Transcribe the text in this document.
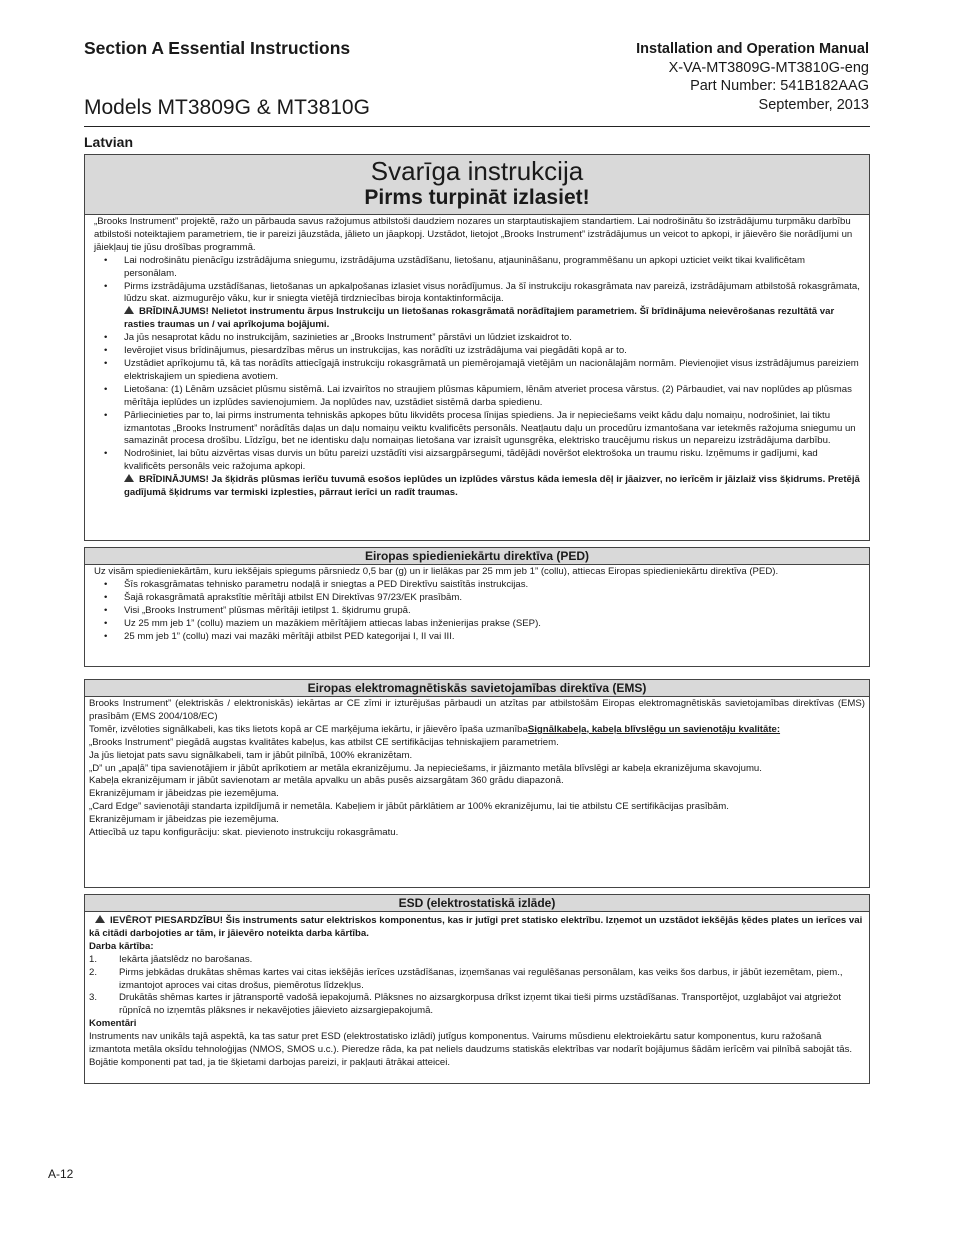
Section A Essential Instructions	Installation and Operation Manual
X-VA-MT3809G-MT3810G-eng
Part Number: 541B182AAG
September, 2013
Models MT3809G & MT3810G
Latvian
Svarīga instrukcija
Pirms turpināt izlasiet!
„Brooks Instrument” projektē, ražo un pārbauda savus ražojumus atbilstoši daudziem nozares un starptautiskajiem standartiem. Lai nodrošinātu šo izstrādājumu turpmāku darbību atbilstoši noteiktajiem parametriem, tie ir pareizi jāuzstāda, jālieto un jāapkopj. Uzstādot, lietojot „Brooks Instrument” izstrādājumus un veicot to apkopi, ir jāievēro šie norādījumi un jāiekļauj tie jūsu drošības programmā.
• Lai nodrošinātu pienācīgu izstrādājuma sniegumu, izstrādājuma uzstādīšanu, lietošanu, atjaunināšanu, programmēšanu un apkopi uzticiet veikt tikai kvalificētam personālam.
• Pirms izstrādājuma uzstādīšanas, lietošanas un apkalpošanas izlasiet visus norādījumus. Ja šī instrukciju rokasgrāmata nav pareizā, izstrādājumam atbilstošā rokasgrāmata, lūdzu skat. aizmugurējo vāku, kur ir sniegta vietējā tirdzniecības biroja kontaktinformācija.
BRĪDINĀJUMS! Nelietot instrumentu ārpus Instrukciju un lietošanas rokasgrāmatā norādītajiem parametriem. Šī brīdinājuma neievērošanas rezultātā var rasties traumas un / vai aprīkojuma bojājumi.
• Ja jūs nesaprotat kādu no instrukcijām, sazinieties ar „Brooks Instrument” pārstāvi un lūdziet izskaidrot to.
• Ievērojiet visus brīdinājumus, piesardzības mērus un instrukcijas, kas norādīti uz izstrādājuma vai piegādāti kopā ar to.
• Uzstādiet aprīkojumu tā, kā tas norādīts attiecīgajā instrukciju rokasgrāmatā un piemērojamajā vietējām un nacionālajām normām. Pievienojiet visus izstrādājumus pareiziem elektriskajiem un spiediena avotiem.
• Lietošana: (1) Lēnām uzsāciet plūsmu sistēmā. Lai izvairītos no straujiem plūsmas kāpumiem, lēnām atveriet procesa vārstus. (2) Pārbaudiet, vai nav noplūdes ap plūsmas mērītāja ieplūdes un izplūdes savienojumiem. Ja noplūdes nav, uzstādiet sistēmā darba spiedienu.
• Pārliecinieties par to, lai pirms instrumenta tehniskās apkopes būtu likvidēts procesa līnijas spiediens. Ja ir nepieciešams veikt kādu daļu nomaiņu, nodrošiniet, lai tiktu izmantotas „Brooks Instrument” norādītās daļas un daļu nomaiņu veiktu kvalificēts personāls. Neatļautu daļu un procedūru izmantošana var ietekmēs ražojuma sniegumu un samazināt procesa drošību. Līdzīgu, bet ne identisku daļu nomaiņas lietošana var izraisīt ugunsgrēka, elektrisko traucējumu riskus un nepareizu izstrādājuma darbību.
• Nodrošiniet, lai būtu aizvērtas visas durvis un būtu pareizi uzstādīti visi aizsargpārsegumi, tādējādi novēršot elektrošoka un traumu risku. Izņēmums ir gadījumi, kad kvalificēts personāls veic ražojuma apkopi.
BRĪDINĀJUMS! Ja šķidrās plūsmas ierīču tuvumā esošos ieplūdes un izplūdes vārstus kāda iemesla dēļ ir jāaizver, no ierīcēm ir jāizlaiž viss šķidrums. Pretējā gadījumā šķidrums var termiski izplesties, pārraut ierīci un radīt traumas.
Eiropas spiedieniekārtu direktīva (PED)
Uz visām spiedieniekārtām, kuru iekšējais spiegums pārsniedz 0,5 bar (g) un ir lielākas par 25 mm jeb 1” (collu), attiecas Eiropas spiedieniekārtu direktīva (PED).
• Šīs rokasgrāmatas tehnisko parametru nodaļā ir sniegtas a PED Direktīvu saistītās instrukcijas.
• Šajā rokasgrāmatā aprakstītie mērītāji atbilst EN Direktīvas 97/23/EK prasībām.
• Visi „Brooks Instrument” plūsmas mērītāji ietilpst 1. šķidrumu grupā.
• Uz 25 mm jeb 1” (collu) maziem un mazākiem mērītājiem attiecas labas inženierijas prakse (SEP).
• 25 mm jeb 1” (collu) mazi vai mazāki mērītāji atbilst PED kategorijai I, II vai III.
Eiropas elektromagnētiskās savietojamības direktīva (EMS)
Brooks Instrument” (elektriskās / elektroniskās) iekārtas ar CE zīmi ir izturējušas pārbaudi un atzītas par atbilstošām Eiropas elektromagnētiskās savietojamības direktīvas (EMS) prasībām (EMS 2004/108/EC)
Tomēr, izvēloties signālkabeli, kas tiks lietots kopā ar CE marķējuma iekārtu, ir jāievēro īpaša uzmanībaSignālkabeļa, kabeļa blīvslēgu un savienotāju kvalitāte:
„Brooks Instrument” piegādā augstas kvalitātes kabeļus, kas atbilst CE sertifikācijas tehniskajiem parametriem.
Ja jūs lietojat pats savu signālkabeli, tam ir jābūt pilnībā, 100% ekranizētam.
„D” un „apaļā” tipa savienotājiem ir jābūt aprīkotiem ar metāla ekranizējumu. Ja nepieciešams, ir jāizmanto metāla blīvslēgi ar kabeļa ekranizējuma skavojumu.
Kabeļa ekranizējumam ir jābūt savienotam ar metāla apvalku un abās pusēs aizsargātam 360 grādu diapazonā.
Ekranizējumam ir jābeidzas pie iezemējuma.
„Card Edge” savienotāji standarta izpildījumā ir nemetāla. Kabeļiem ir jābūt pārklātiem ar 100% ekranizējumu, lai tie atbilstu CE sertifikācijas prasībām.
Ekranizējumam ir jābeidzas pie iezemējuma.
Attiecībā uz tapu konfigurāciju: skat. pievienoto instrukciju rokasgrāmatu.
ESD (elektrostatiskā izlāde)
IEVĒROT PIESARDZĪBU! Šis instruments satur elektriskos komponentus, kas ir jutīgi pret statisko elektrību. Izņemot un uzstādot iekšējās ķēdes plates un ierīces vai kā citādi darbojoties ar tām, ir jāievēro noteikta darba kārtība.
Darba kārtība:
1. Iekārta jāatslēdz no barošanas.
2. Pirms jebkādas drukātas shēmas kartes vai citas iekšējās ierīces uzstādīšanas, izņemšanas vai regulēšanas personālam, kas veiks šos darbus, ir jābūt iezemētam, piem., izmantojot aproces vai citas drošus, piemērotus līdzekļus.
3. Drukātās shēmas kartes ir jātransportē vadošā iepakojumā. Plāksnes no aizsargkorpusa drīkst izņemt tikai tieši pirms uzstādīšanas. Transportējot, uzglabājot vai atgriežot rūpnīcā no izņemtās plāksnes ir nekavējoties jāievieto aizsargiepakojumā.
Komentāri
Instruments nav unikāls tajā aspektā, ka tas satur pret ESD (elektrostatisko izlādi) jutīgus komponentus. Vairums mūsdienu elektroiekārtu satur komponentus, kuru ražošanā izmantota metāla oksīdu tehnoloģijas (NMOS, SMOS u.c.). Pieredze rāda, ka pat neliels daudzums statiskās elektrības var nodarīt bojājumus šādām ierīcēm vai pilnībā sabojāt tās. Bojātie komponenti pat tad, ja tie šķietami darbojas pareizi, ir pakļauti ātrākai atteicei.
A-12
